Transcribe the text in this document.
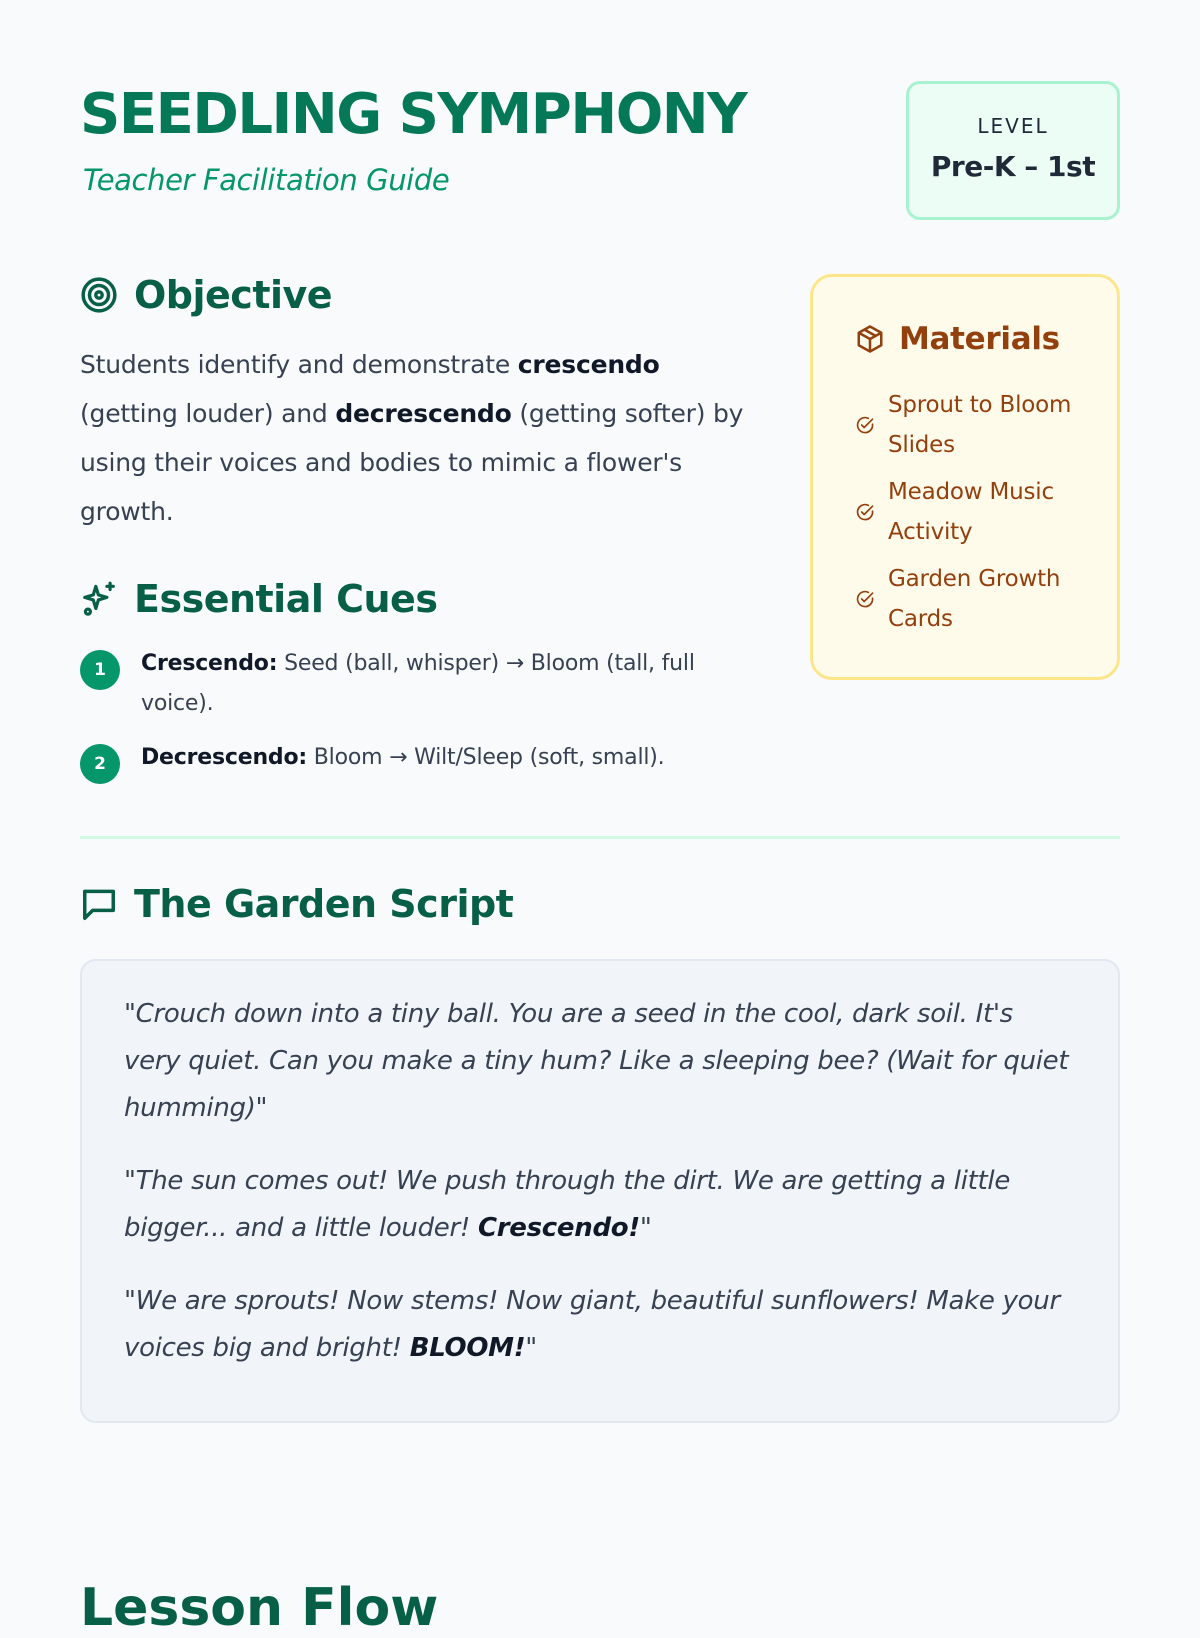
SEEDLING SYMPHONY
Teacher Facilitation Guide
LEVEL
Pre-K – 1st
Objective

Students identify and demonstrate crescendo (getting louder) and decrescendo (getting softer) by using their voices and bodies to mimic a flower's growth.

Essential Cues
1	Crescendo: Seed (ball, whisper) → Bloom (tall, full voice).
2	Decrescendo: Bloom → Wilt/Sleep (soft, small).
Materials
Sprout to Bloom Slides
Meadow Music Activity
Garden Growth Cards
The Garden Script

"Crouch down into a tiny ball. You are a seed in the cool, dark soil. It's very quiet. Can you make a tiny hum? Like a sleeping bee? (Wait for quiet humming)"

"The sun comes out! We push through the dirt. We are getting a little bigger... and a little louder! Crescendo!"

"We are sprouts! Now stems! Now giant, beautiful sunflowers! Make your voices big and bright! BLOOM!"

Lesson Flow
